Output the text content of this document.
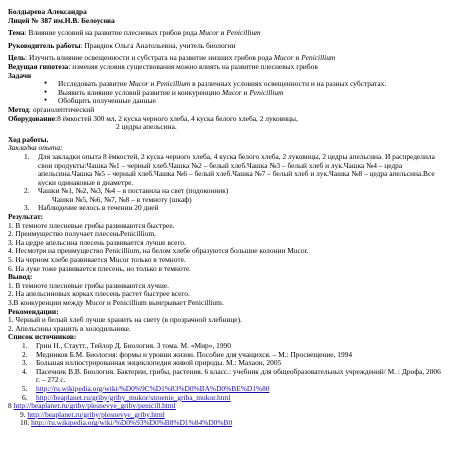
Болдырева Александра
Лицей № 387 им.Н.В. Белоусова
Тема: Влияние условий на развитие плесневых грибов рода Mucor и Penicillium
Руководитель работы: Правдюк Ольга Анатольевна, учитель биологии
Цель: Изучить влияние освещенности и субстрата на развитие низших грибов рода Mucor и Penicillium
Ведущая гипотеза: изменяя условия существования можно влиять на развитие плесневых грибов
Задачи
● Исследовать развитие Mucor и Penicillium в различных условиях освещенности и на разных субстратах.
● Выявить влияние условий развитие и конкуренцию Mucor и Penicillium
● Обобщить полученные данные
Метод: органолептический
Оборудование:8 ёмкостей 300 мл, 2 куска черного хлеба, 4 куска белого хлеба, 2 луковицы,
2 цедры апельсина.
Ход работы.
Закладка опыта:
1. Для закладки опыта 8 ёмкостей, 2 куска черного хлеба, 4 куска белого хлеба, 2 луковицы, 2 цедры апельсина. И распределила свои продукты:Чашка №1 – черный хлеб.Чашка №2 – белый хлеб.Чашка №3 – белый хлеб и лук.Чашка №4 – цедра апельсина.Чашка №5 – черный хлеб.Чашка №6 – белый хлеб.Чашка №7 – белый хлеб и лук.Чашка №8 – цедра апельсина.Все куски одинаковые в диаметре.
2. Чашки №1, №2, №3, №4 – в поставила на свет (подоконник)
Чашки №5, №6, №7, №8 – в темноту (шкаф)
3. Наблюдение велось в течении 20 дней
Результат:
1. В темноте плесневые грибы развиваются быстрее.
2. Преимущество получает плесеньPenicillium.
3. На цедре апельсина плесень развивается лучше всего.
4. Несмотря на преимущество Penicillium, на белом хлебе образуются большие колонии Mucor.
5. На черном хлебе развивается Mucor только в темноте.
6. На луке тоже развивается плесень, но только в темноте.
Вывод:
1. В темноте плесневые грибы развиваются лучше.
2. На апельсиновых корках плесень растет быстрее всего.
3.В конкуренции между Mucor и Penicillium выигрывает Penicillium.
Рекомендации:
1. Черный и белый хлеб лучше хранить на свету (в прозрачной хлебнице).
2. Апельсины хранить в холодильнике.
Список источников:
1. Грин Н., Стаутт., Тейлор Д. Биология. 3 тома. М. «Мир», 1990
2. Медников Б.М. Биология: формы и уровни жизни. Пособие для учащихся. – М.: Просвещение, 1994
3. Большая иллюстрированная энциклопедия живой природы. М.: Махаон, 2005
4. Пасечник В.В. Биология. Бактерии, грибы, растения. 6 класс.: учебник для общеобразовательных учреждений/ М. : Дрофа, 2006 г. – 272 с.
5. http://ru.wikipedia.org/wiki/%D0%9C%D1%83%D0%BA%D0%BE%D1%80
6. http://beaplanet.ru/griby/griby_mukor/stroenie_griba_mukor.html
8 http://beaplanet.ru/griby/plesnevye_griby/penicill.html
9. http://beaplanet.ru/griby/plesnevye_griby.html
10. http://ru.wikipedia.org/wiki/%D0%93%D0%B8%D1%84%D0%B0
